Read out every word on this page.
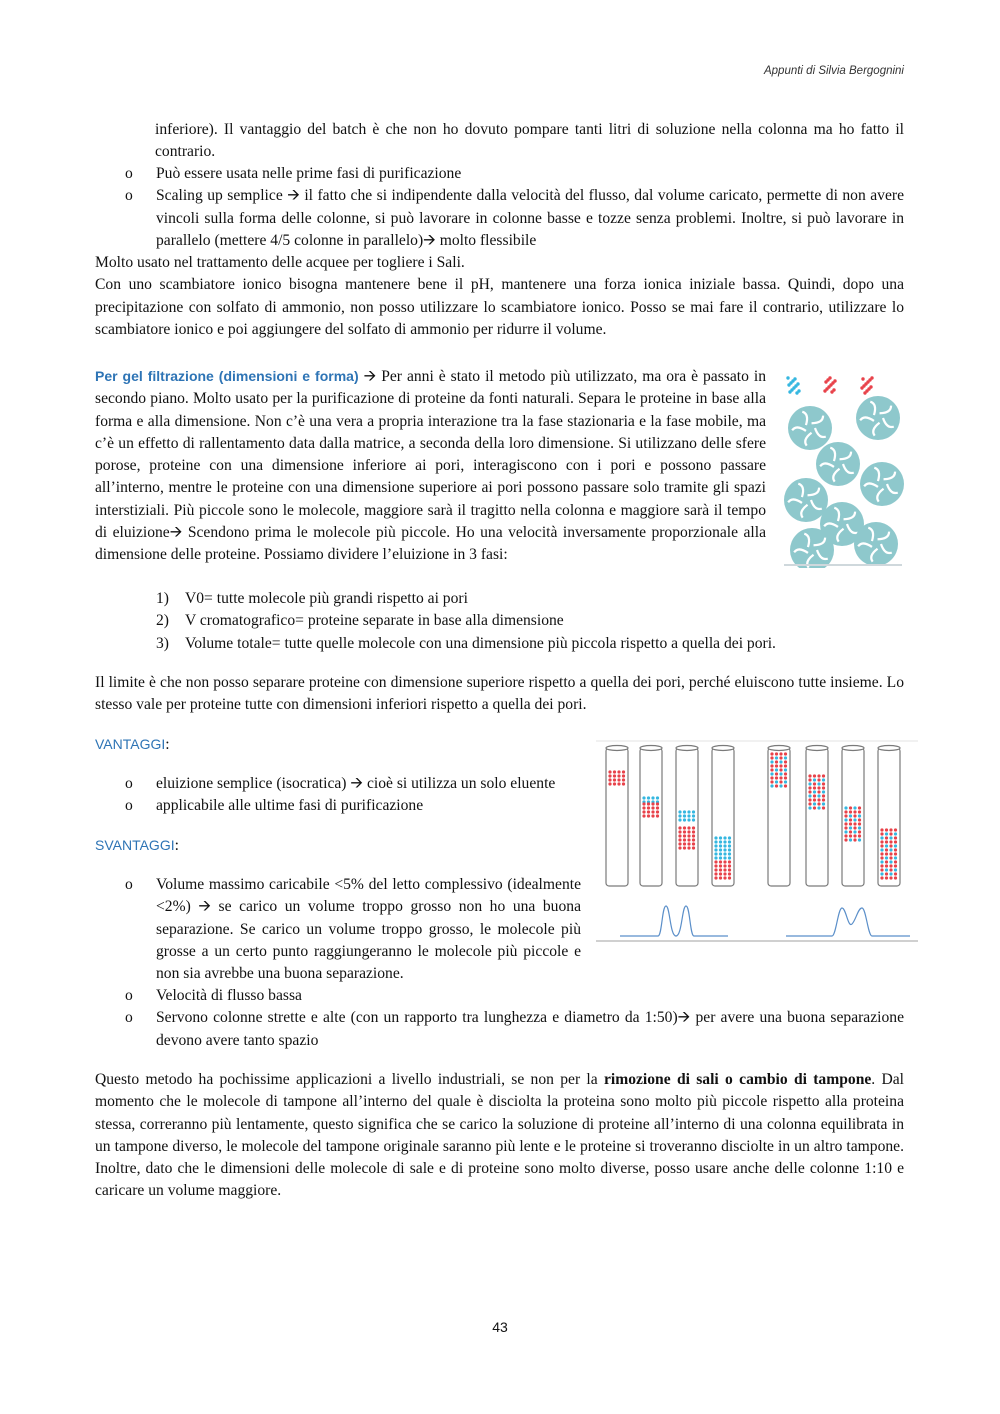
Appunti di Silvia Bergognini

inferiore). Il vantaggio del batch è che non ho dovuto pompare tanti litri di soluzione nella colonna ma ho fatto il contrario.

o Può essere usata nelle prime fasi di purificazione
o Scaling up semplice 🡪 il fatto che si indipendente dalla velocità del flusso, dal volume caricato, permette di non avere vincoli sulla forma delle colonne, si può lavorare in colonne basse e tozze senza problemi. Inoltre, si può lavorare in parallelo (mettere 4/5 colonne in parallelo)🡪 molto flessibile

Molto usato nel trattamento delle acquee per togliere i Sali.

Con uno scambiatore ionico bisogna mantenere bene il pH, mantenere una forza ionica iniziale bassa. Quindi, dopo una precipitazione con solfato di ammonio, non posso utilizzare lo scambiatore ionico. Posso se mai fare il contrario, utilizzare lo scambiatore ionico e poi aggiungere del solfato di ammonio per ridurre il volume.

Per gel filtrazione (dimensioni e forma) 🡪 Per anni è stato il metodo più utilizzato, ma ora è passato in secondo piano. Molto usato per la purificazione di proteine da fonti naturali. Separa le proteine in base alla forma e alla dimensione. Non c’è una vera a propria interazione tra la fase stazionaria e la fase mobile, ma c’è un effetto di rallentamento data dalla matrice, a seconda della loro dimensione. Si utilizzano delle sfere porose, proteine con una dimensione inferiore ai pori, interagiscono con i pori e possono passare all’interno, mentre le proteine con una dimensione superiore ai pori possono passare solo tramite gli spazi interstiziali. Più piccole sono le molecole, maggiore sarà il tragitto nella colonna e maggiore sarà il tempo di eluizione🡪 Scendono prima le molecole più piccole. Ho una velocità inversamente proporzionale alla dimensione delle proteine. Possiamo dividere l’eluizione in 3 fasi:

1) V0= tutte molecole più grandi rispetto ai pori
2) V cromatografico= proteine separate in base alla dimensione
3) Volume totale= tutte quelle molecole con una dimensione più piccola rispetto a quella dei pori.

Il limite è che non posso separare proteine con dimensione superiore rispetto a quella dei pori, perché eluiscono tutte insieme. Lo stesso vale per proteine tutte con dimensioni inferiori rispetto a quella dei pori.

VANTAGGI:
o eluizione semplice (isocratica) 🡪 cioè si utilizza un solo eluente
o applicabile alle ultime fasi di purificazione
SVANTAGGI:
o Volume massimo caricabile <5% del letto complessivo (idealmente <2%) 🡪 se carico un volume troppo grosso non ho una buona separazione. Se carico un volume troppo grosso, le molecole più grosse a un certo punto raggiungeranno le molecole più piccole e non sia avrebbe una buona separazione.
o Velocità di flusso bassa
o Servono colonne strette e alte (con un rapporto tra lunghezza e diametro da 1:50)🡪 per avere una buona separazione devono avere tanto spazio

Questo metodo ha pochissime applicazioni a livello industriali, se non per la rimozione di sali o cambio di tampone. Dal momento che le molecole di tampone all’interno del quale è disciolta la proteina sono molto più piccole rispetto alla proteina stessa, correranno più lentamente, questo significa che se carico la soluzione di proteine all’interno di una colonna equilibrata in un tampone diverso, le molecole del tampone originale saranno più lente e le proteine si troveranno disciolte in un altro tampone. Inoltre, dato che le dimensioni delle molecole di sale e di proteine sono molto diverse, posso usare anche delle colonne 1:10 e caricare un volume maggiore.

43
